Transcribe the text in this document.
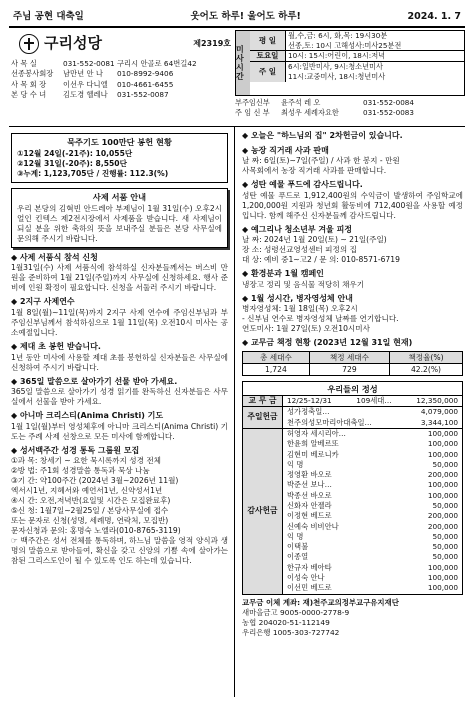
주님 공현 대축일	웃어도 하루! 울어도 하루!	2024. 1. 7
구리성당	제2319호
사 목 실	031-552-0081 구리시 안골로 64번길42
선종봉사회장	남만년 안 나	010-8992-9406
사 목 회 장	이선우 다니엘	010-4661-6455
본 당 수 녀	김도경 헬레나	031-552-0087
미사시간
평 일
월,수,금: 6시, 화,목: 19시30분
선종,토: 10시 고해성사:미사25분전
토요일	10시: 15시:어린이, 18시:저녁
주 일
6시:일반미사, 9시:청소년미사
11시:교중미사, 18시:청년미사
부주임신부	윤주석 레 오	031-552-0084
주 임 신 부	최성우 세례자요한	031-552-0083
묵주기도 100만단 봉헌 현황
①12월 24일(-21주): 10,055단
②12월 31일(-20주): 8,550단
③누계: 1,123,705단 / 진행률: 112.3(%)
사제 서품 안내

우리 본당의 김혁빈 안드레아 부제님이 1월 31일(수) 오후2시 얼인 킨텍스 제2전시장에서 사제품을 받습니다. 새 사제님이 되실 분을 위한 축하의 뜻을 보내주실 분들은 본당 사무실에 문의해 주시기 바랍니다.

◆ 사제 서품식 참석 신청

1월31일(수) 사제 서품식에 참석하실 신자분들께서는 버스비 만원을 준비하여 1월 21일(주일)까지 사무실에 신청하세요. 행사 준비에 인원 확정이 필요합니다. 신청을 서둘러 주시기 바랍니다.

◆ 2지구 사제연수

1월 8일(월)~11일(목)까지 2지구 사제 연수에 주임신부님과 부주임신부님께서 참석하심으로 1월 11일(목) 오전10시 미사는 공소예절입니다.

◆ 제대 초 봉헌 받습니다.

1년 동안 미사에 사용할 제대 초를 봉헌하실 신자분들은 사무실에 신청하여 주시기 바랍니다.

◆ 365일 말씀으로 살아가기 선물 받아 가세요.

365일 말씀으로 살아가기 성경 읽기를 완독하신 신자분들은 사무실에서 선물을 받아 가세요.

◆ 아니마 크리스티(Anima Christi) 기도

1월 1일(월)부터 영성체후에 아니마 크리스티(Anima Christi) 기도는 주례 사제 선창으로 모든 미사에 함께합니다.

◆ 성서백주간 성경 통독 그룹원 모집
①과 목: 창세기 ~ 요한 묵시록까지 성경 전체
②방 법: 주1회 성경말씀 통독과 묵상 나눔
③기 간: 약100주간 (2024년 3월~2026년 11월)
엑서시1년, 지혜서와 예언서1년, 신약성서1년
④시 간: 오전,저녁반(요일및 시간은 모집완료후)
⑤신 청: 1월7일~2월25일 / 본당사무실에 접수
또는 문자로 신청(성명, 세례명, 연락처, 모집반)
문자신청과 문의: 홍명숙 노엘라(010-8765-3119)

☞ 백주간은 성서 전체를 통독하며, 하느님 말씀을 영적 양식과 생명의 말씀으로 받아들여, 확신을 갖고 신앙의 기쁨 속에 살아가는 참된 그리스도인이 될 수 있도록 인도 하는데 있습니다.

◆ 오늘은 "하느님의 집" 2차헌금이 있습니다.
◆ 농장 직거래 사과 판매
날 짜: 6일(토)~7일(주일) / 사과 한 봉지 - 만원
사목회에서 농장 직거래 사과를 판매합니다.
◆ 성탄 예물 푸드에 감사드립니다.

성탄 예물 푸드로 1,912,400원의 수익금이 발생하여 주임학교에 1,200,000원 지원과 청년회 활동비에 712,400원을 사용할 예정입니다. 함께 해주신 신자분들께 감사드립니다.

◆ 예그리나 청소년부 겨울 피정
날 짜: 2024년 1월 20일(토) ~ 21일(주일)
장 소: 성령선교영성센터 피정의 집
대 상: 예비 중1~고2 / 문 의: 010-8571-6719
◆ 환경분과 1월 캠페인
냉장고 정리 및 음식물 적당히 채우기
◆ 1월 성시간, 병자영성체 안내
병자영성체: 1월 18일(목) 오후2시
- 신부님 연수로 병자영성체 날짜를 연기합니다.
연도미사: 1월 27일(토) 오전10시미사
◆ 교무금 책정 현황 (2023년 12월 31일 현재)
총 세대수	책정 세대수	책정율(%)
1,724	729	42.2(%)
우리들의 정성
교 무 금	12/25-12/31	109세대…	12,350,000
주일헌금
성가정축일…	4,079,000
천주의성모마리아대축일…	3,344,100
감사헌금
허영자 세시리아…	100,000
한윤희 알베르또	100,000
김현미 베로니카	100,000
익 명	50,000
정영환 바오로	200,000
박준선 보나…	100,000
박종선 바오로	100,000
신화자 안젤라	50,000
이정현 베드로	200,000
신예숙 비비안나	200,000
익 명	50,000
이택불	50,000
이종열	50,000
한규자 베아타	100,000
이성숙 안나	100,000
이선민 베드로	100,000
교무금 이체 계좌: 재)천주교의정부교구유지재단
새마을금고 9005-0000-2778-9
농협 204020-51-112149
우리은행 1005-303-727742
